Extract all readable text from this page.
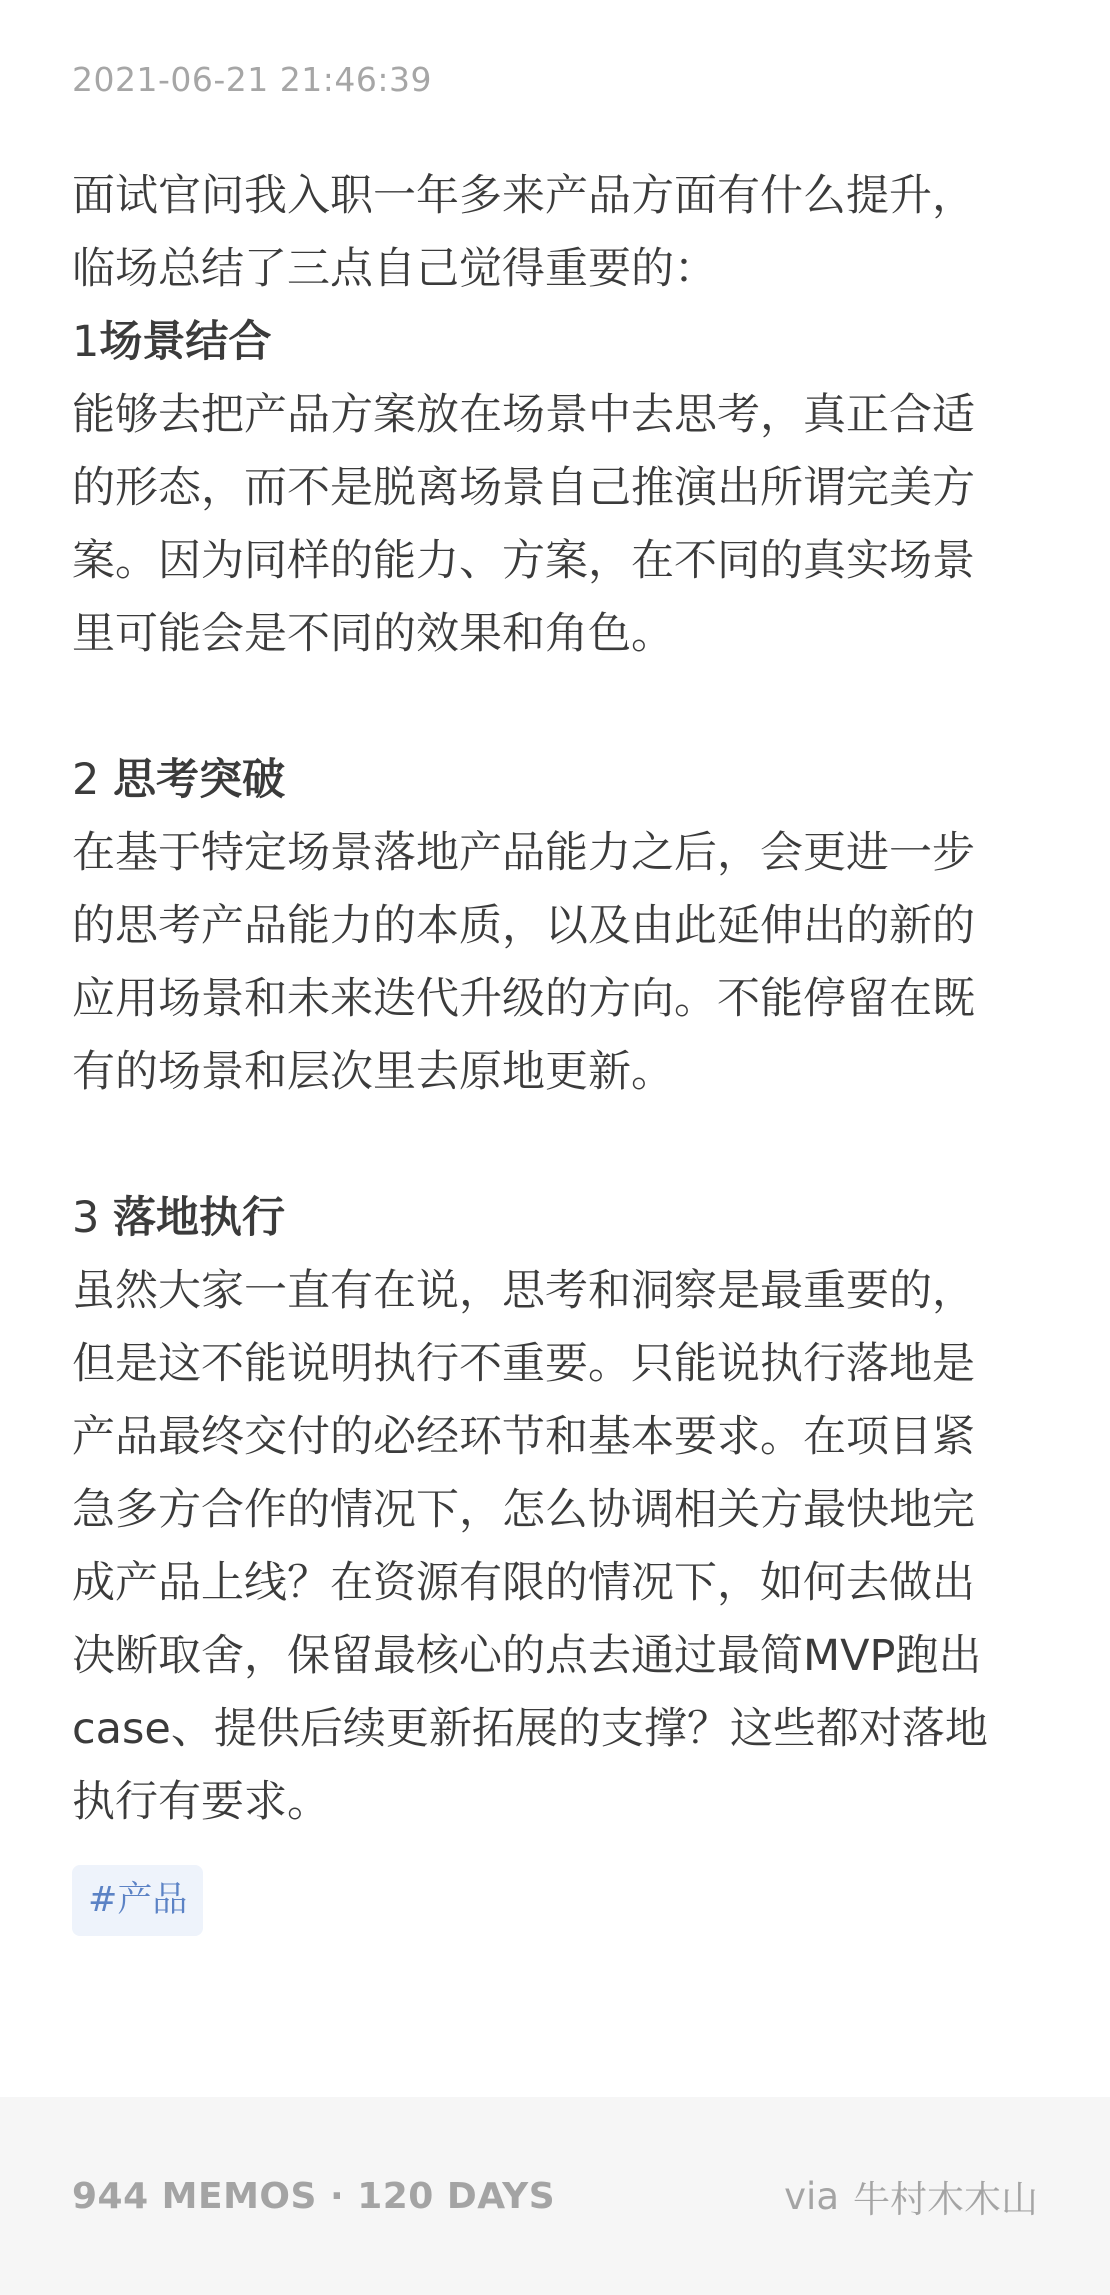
2021-06-21 21:46:39

面试官问我入职一年多来产品方面有什么提升，

临场总结了三点自己觉得重要的：

1场景结合

能够去把产品方案放在场景中去思考，真正合适

的形态，而不是脱离场景自己推演出所谓完美方

案。因为同样的能力、方案，在不同的真实场景

里可能会是不同的效果和角色。

2 思考突破

在基于特定场景落地产品能力之后，会更进一步

的思考产品能力的本质，以及由此延伸出的新的

应用场景和未来迭代升级的方向。不能停留在既

有的场景和层次里去原地更新。

3 落地执行

虽然大家一直有在说，思考和洞察是最重要的，

但是这不能说明执行不重要。只能说执行落地是

产品最终交付的必经环节和基本要求。在项目紧

急多方合作的情况下，怎么协调相关方最快地完

成产品上线？在资源有限的情况下，如何去做出

决断取舍，保留最核心的点去通过最简MVP跑出

case、提供后续更新拓展的支撑？这些都对落地

执行有要求。

#产品
944 MEMOS · 120 DAYS	via 牛村木木山
